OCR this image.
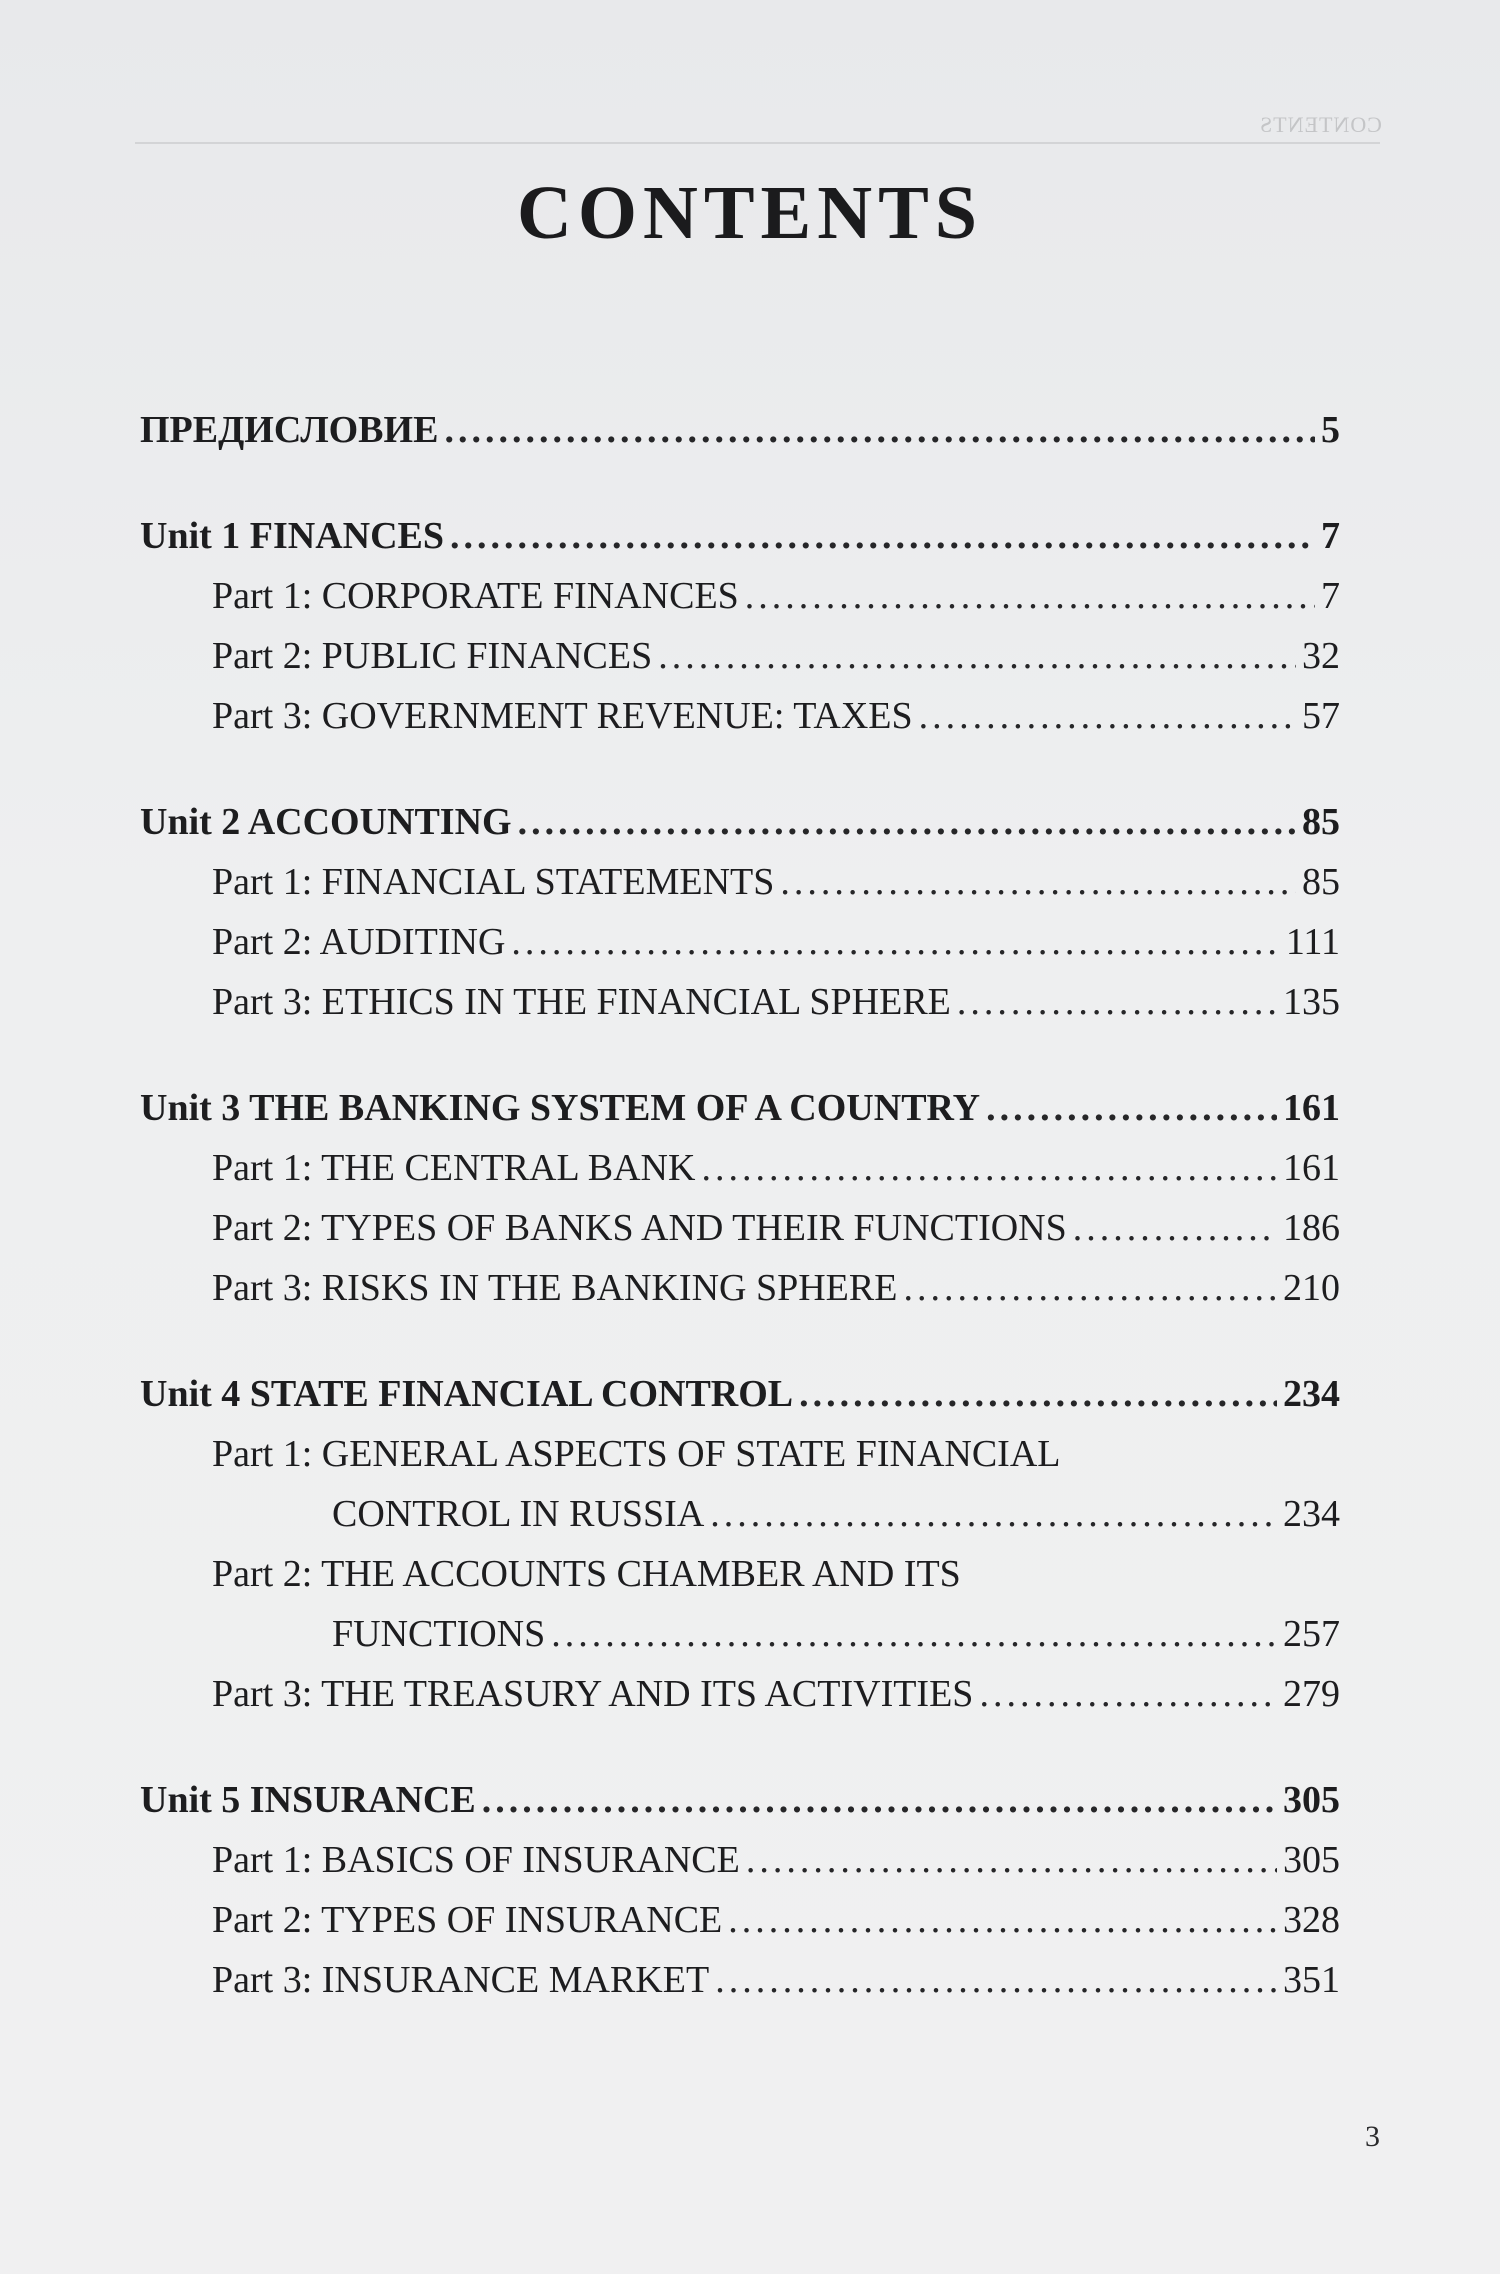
CONTENTS
CONTENTS
ПРЕДИСЛОВИЕ .....	5
Unit 1 FINANCES .....	7
Part 1: CORPORATE FINANCES .....	7
Part 2: PUBLIC FINANCES .....	32
Part 3: GOVERNMENT REVENUE: TAXES .....	57
Unit 2 ACCOUNTING .....	85
Part 1: FINANCIAL STATEMENTS .....	85
Part 2: AUDITING .....	111
Part 3: ETHICS IN THE FINANCIAL SPHERE .....	135
Unit 3 THE BANKING SYSTEM OF A COUNTRY .....	161
Part 1: THE CENTRAL BANK .....	161
Part 2: TYPES OF BANKS AND THEIR FUNCTIONS .....	186
Part 3: RISKS IN THE BANKING SPHERE .....	210
Unit 4 STATE FINANCIAL CONTROL .....	234
Part 1: GENERAL ASPECTS OF STATE FINANCIAL
CONTROL IN RUSSIA .....	234
Part 2: THE ACCOUNTS CHAMBER AND ITS
FUNCTIONS .....	257
Part 3: THE TREASURY AND ITS ACTIVITIES .....	279
Unit 5 INSURANCE .....	305
Part 1: BASICS OF INSURANCE .....	305
Part 2: TYPES OF INSURANCE .....	328
Part 3: INSURANCE MARKET .....	351
3
